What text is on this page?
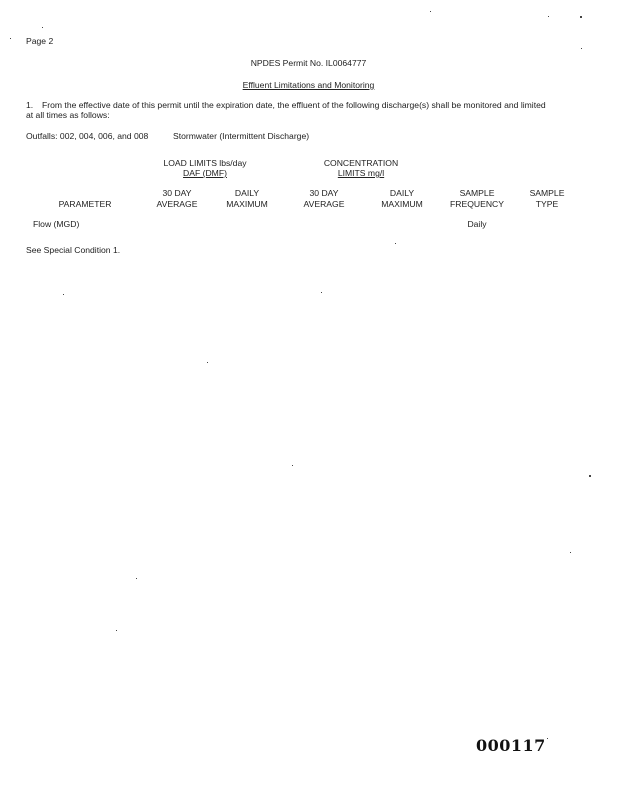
Page 2
NPDES Permit No. IL0064777
Effluent Limitations and Monitoring
1. From the effective date of this permit until the expiration date, the effluent of the following discharge(s) shall be monitored and limited
at all times as follows:
Outfalls: 002, 004, 006, and 008	Stormwater (Intermittent Discharge)
LOAD LIMITS lbs/day
DAF (DMF)
CONCENTRATION
LIMITS mg/l
PARAMETER
30 DAY
AVERAGE
DAILY
MAXIMUM
30 DAY
AVERAGE
DAILY
MAXIMUM
SAMPLE
FREQUENCY
SAMPLE
TYPE
Flow (MGD)	Daily
See Special Condition 1.
000117
